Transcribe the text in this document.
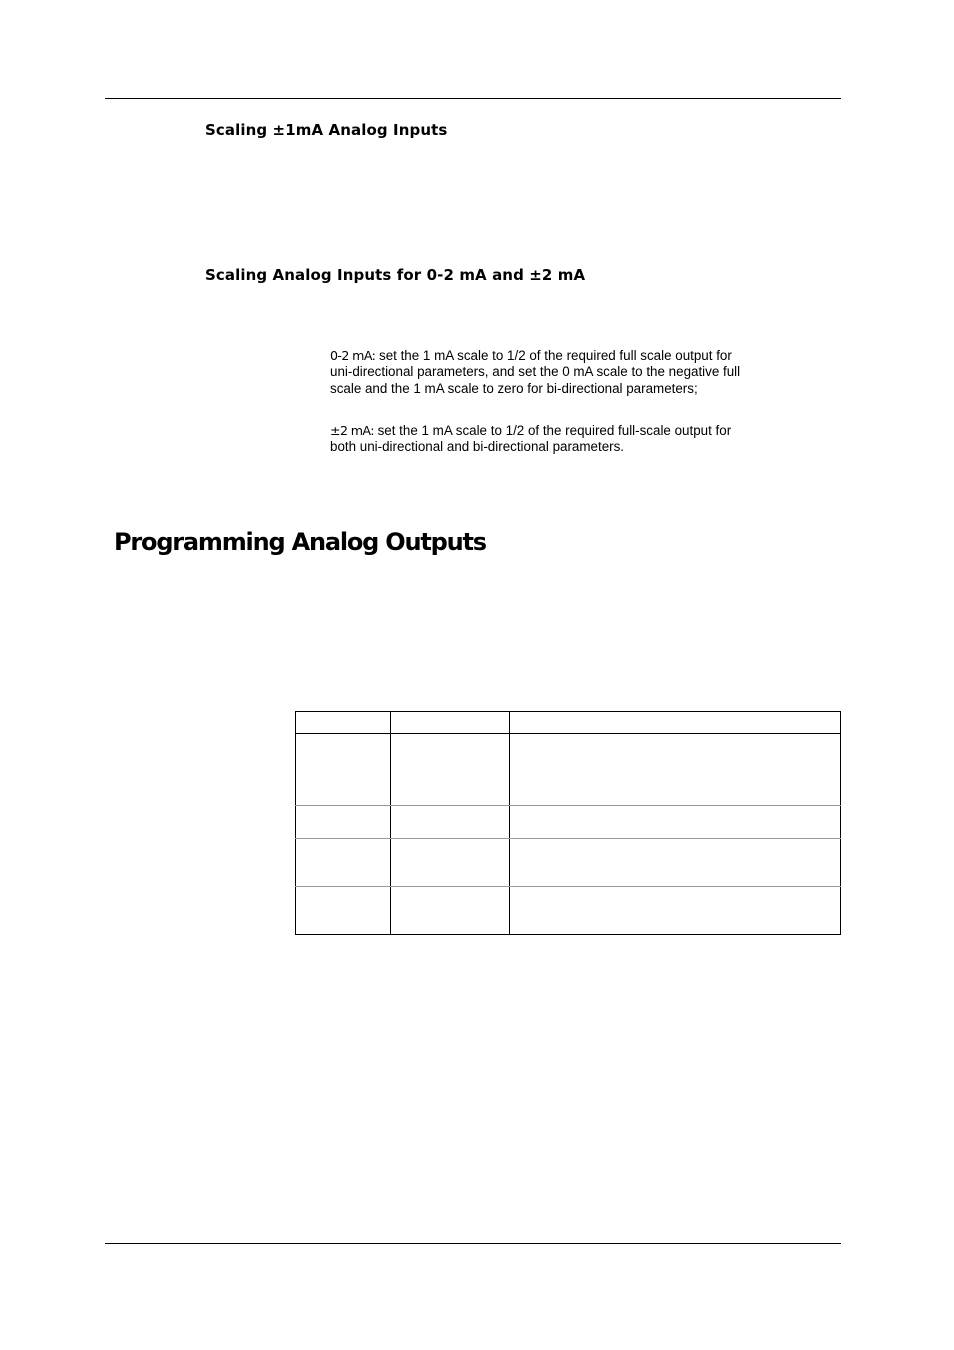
Scaling ±1mA Analog Inputs
Scaling Analog Inputs for 0-2 mA and ±2 mA

0-2 mA: set the 1 mA scale to 1/2 of the required full scale output for uni-directional parameters, and set the 0 mA scale to the negative full scale and the 1 mA scale to zero for bi-directional parameters;

±2 mA: set the 1 mA scale to 1/2 of the required full-scale output for both uni-directional and bi-directional parameters.

Programming Analog Outputs
